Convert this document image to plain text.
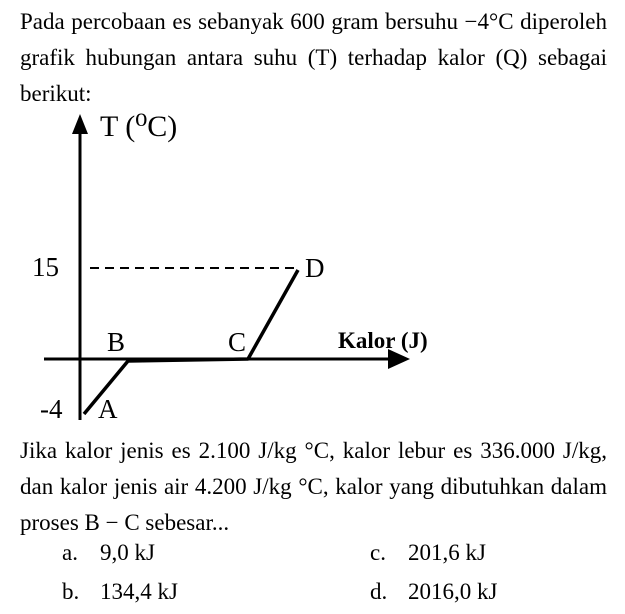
Pada percobaan es sebanyak 600 gram bersuhu −4°C diperoleh grafik hubungan antara suhu (T) terhadap kalor (Q) sebagai berikut:

T (⁰C)
15
-4 A
B	C
D
Kalor (J)

Jika kalor jenis es 2.100 J/kg °C, kalor lebur es 336.000 J/kg, dan kalor jenis air 4.200 J/kg °C, kalor yang dibutuhkan dalam proses B − C sebesar...

a. 9,0 kJ
b. 134,4 kJ
c. 201,6 kJ
d. 2016,0 kJ
